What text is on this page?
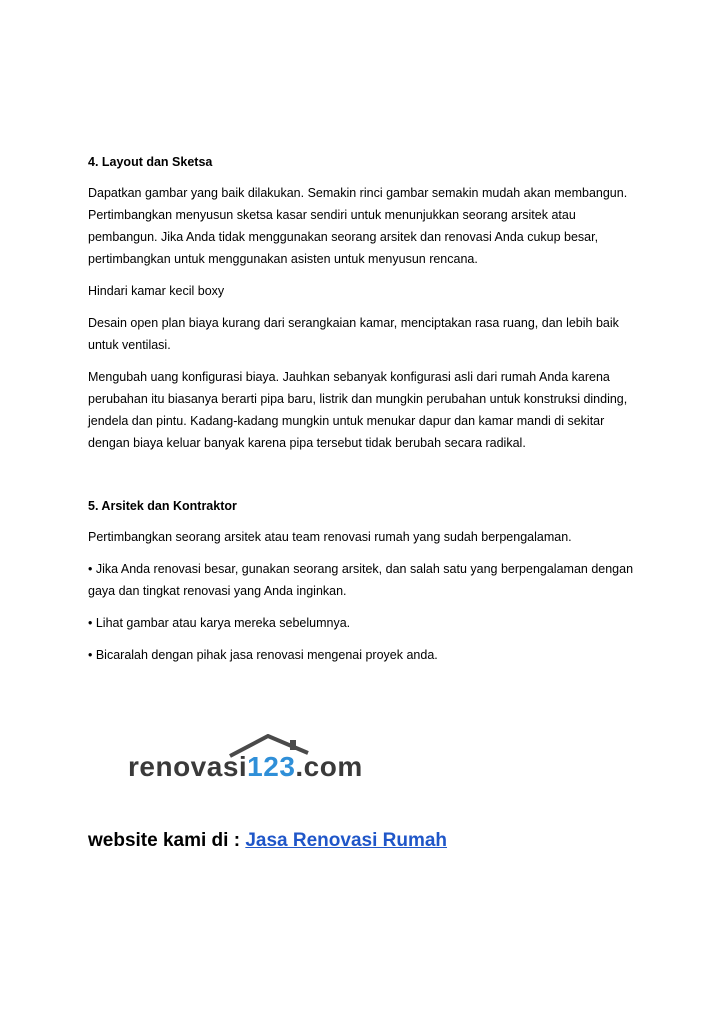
4. Layout dan Sketsa

Dapatkan gambar yang baik dilakukan. Semakin rinci gambar semakin mudah akan membangun. Pertimbangkan menyusun sketsa kasar sendiri untuk menunjukkan seorang arsitek atau pembangun. Jika Anda tidak menggunakan seorang arsitek dan renovasi Anda cukup besar, pertimbangkan untuk menggunakan asisten untuk menyusun rencana.

Hindari kamar kecil boxy

Desain open plan biaya kurang dari serangkaian kamar, menciptakan rasa ruang, dan lebih baik untuk ventilasi.

Mengubah uang konfigurasi biaya. Jauhkan sebanyak konfigurasi asli dari rumah Anda karena perubahan itu biasanya berarti pipa baru, listrik dan mungkin perubahan untuk konstruksi dinding, jendela dan pintu. Kadang-kadang mungkin untuk menukar dapur dan kamar mandi di sekitar dengan biaya keluar banyak karena pipa tersebut tidak berubah secara radikal.

5. Arsitek dan Kontraktor

Pertimbangkan seorang arsitek atau team renovasi rumah yang sudah berpengalaman.

• Jika Anda renovasi besar, gunakan seorang arsitek, dan salah satu yang berpengalaman dengan gaya dan tingkat renovasi yang Anda inginkan.

• Lihat gambar atau karya mereka sebelumnya.

• Bicaralah dengan pihak jasa renovasi mengenai proyek anda.

renovasi123.com
website kami di : Jasa Renovasi Rumah
